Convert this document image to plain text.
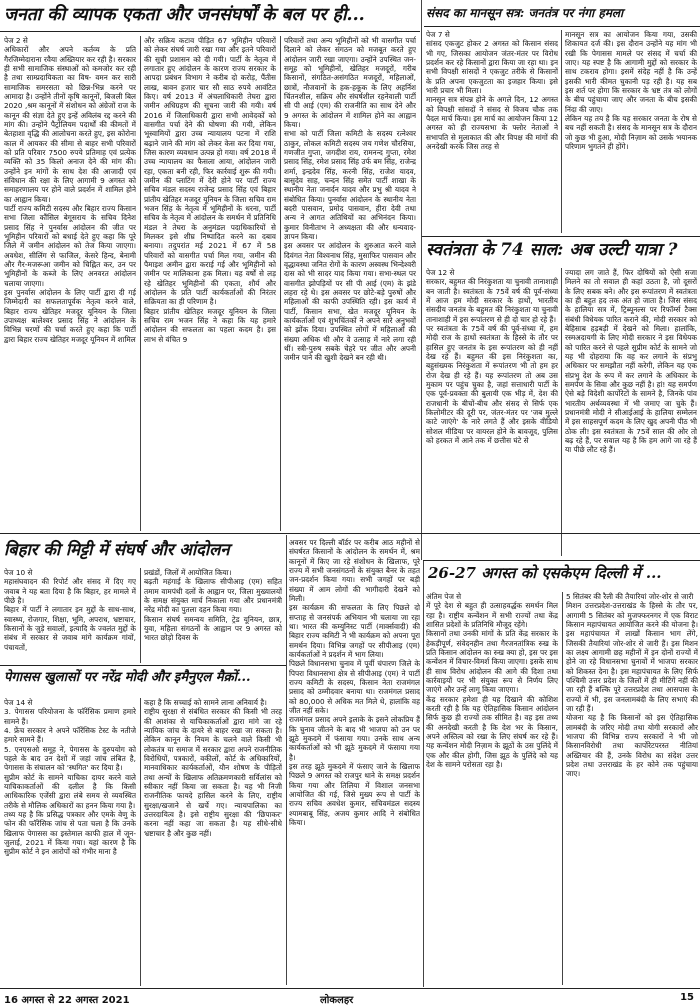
जनता की व्यापक एकता और जनसंघर्षों के बल पर ही...
पेज 2 से
अधिकारों और अपने कर्तव्य के प्रति गैरजिम्मेदाराना रवैया अख्तियार कर रही है। सरकार ही सभी सामाजिक संस्थाओं को कमजोर कर रही है तथा साम्प्रदायिकता का विष- वमन कर सारी सामाजिक समरसता को छिन्न-भिन्न करने पर आमादा है। उन्होंने तीनों कृषि कानूनों, बिजली बिल 2020 ,श्रम कानूनों में संशोधन को अंग्रेजों राज के कानून की संज्ञा देते हुए इन्हें अविलंब रद्द करने की मांग की। उन्होंने पैट्रोलियम पदार्थों की कीमतों में बेतहाशा वृद्धि की आलोचना करते हुए, इस कोरोना काल में आयकर की सीमा से बाहर सभी परिवारों को प्रति परिवार 7500 रुपये प्रतिमाह एवं प्रत्येक व्यक्ति को 35 किलो अनाज देने की मांग की। उन्होंने इन मांगों के साथ देश की आजादी एवं संविधान की रक्षा के लिए आगामी 9 अगस्त को समाहरणालय पर होने वाले प्रदर्शन में शामिल होने का आह्वान किया।
पार्टी राज्य कमिटी सदस्य और बिहार राज्य किसान सभा जिला कौंसिल बेगूसराय के सचिव दिनेश प्रसाद सिंह ने पुनर्वास आंदोलन की जीत पर भूमिहीन परिवारों को बधाई देते हुए कहा कि पूरे जिले में जमीन आंदोलन को तेज किया जाएगा। अवधेश, सीलिंग से फाजिल, केसरे हिन्द, बेनामी और गैर-मजरूआ जमीन को चिह्नित कर, उन पर भूमिहीनों के कब्जे के लिए अनवरत आंदोलन चलाया जाएगा।
इस पुनर्वास आंदोलन के लिए पार्टी द्वारा दी गई जिम्मेदारी का सफलतापूर्वक नेतृत्व करने वाले, बिहार राज्य खेतिहर मजदूर यूनियन के जिला उपाध्यक्ष बालेश्वर प्रसाद सिंह ने आंदोलन के विभिन्न चरणों की चर्चा करते हुए कहा कि पार्टी द्वारा बिहार राज्य खेतिहर मजदूर यूनियन में शामिल
और सक्रिय कटाव पीड़ित 67 भूमिहीन परिवारों को लेकर संघर्ष जारी रखा गया और इतने परिवारों की सूची प्रशासन को दी गयी। पार्टी के नेतृत्व में लगातार हुए आंदोलन के कारण राज्य सरकार के आपदा प्रबंधन विभाग ने करीब दो करोड़, पैंतीस लाख, बावन हजार चार सौ साठ रुपये आवंटित किए। वर्ष 2013 में अंचलाधिकारी तेघरा द्वारा जमीन अधिग्रहण की सूचना जारी की गयी। वर्ष 2016 में जिलाधिकारी द्वारा सभी आवेदकों को वासगीत पर्चा देने की घोषणा की गयी, लेकिन भूस्वामियों द्वारा उच्च न्यायालय पटना में राशि बढ़ाने जाने की मांग को लेकर केस कर दिया गया, जिस कारण व्यवधान उत्पन्न हो गया। वर्ष 2018 में उच्च न्यायालय का फैसला आया, आंदोलन जारी रहा, एकता बनी रही, फिर कार्रवाई शुरू की गयी। जमीन की प्लाटिंग में देरी होने पर पार्टी राज्य सचिव मंडल सदस्य राजेन्द्र प्रसाद सिंह एवं बिहार प्रांतीय खेतिहर मजदूर यूनियन के जिला सचिव राम भजन सिंह के नेतृत्व में भूमिहीनों के धरना, पार्टी सचिव के नेतृत्व में आंदोलन के समर्थन में प्रतिनिधि मंडल ने तेघरा के अनुमंडल पदाधिकारियों से मिलकर इसे शीघ्र निष्पादित करने का दबाव बनाया। तदुपरांत मई 2021 में 67 में 58 परिवारों को वासगीत पर्चा मिल गया, जमीन की पैमाइश अमीन द्वारा कराई गई और भूमिहीनों को जमीन पर मालिकाना हक मिला। यह वर्षों से लड़ रहे खेतिहर भूमिहीनों की एकता, शौर्य और आंदोलन के प्रति पार्टी कार्यकर्ताओं की निरंतर सक्रियता का ही परिणाम है।
बिहार प्रांतीय खेतिहर मजदूर यूनियन के जिला सचिव राम भजन सिंह ने कहा कि यह हमारे आंदोलन की सफलता का पहला कदम है। इस लाभ से वंचित 9
परिवारों तथा अन्य भूमिहीनों को भी वासगीत पर्चा दिलाने को लेकर संगठन को मजबूत करते हुए आंदोलन जारी रखा जाएगा। उन्होंने उपस्थित जन- समूह को भूमिहीनों, खेतिहर मजदूरों, गरीब किसानों, संगठित-असंगठित मजदूरों, महिलाओं, छात्रों, नौजवानों के हक-हकूक के लिए अहर्निश चिंतनशील, सक्रिय और संघर्षशील रहनेवाली पार्टी सी पी आई (एम) की राजनीति का साथ देने और 9 अगस्त के आंदोलन में शामिल होने का आह्वान किया।
सभा को पार्टी जिला कमिटी के सदस्य रत्नेश्वर ठाकुर, लोकल कमिटी सदस्य जय गणेश चौरसिया, गणजीत गुप्ता, जगदीश राय, रामनन्द गुप्ता, रमेश प्रसाद सिंह, रमेश प्रसाद सिंह उर्फ बम सिंह, राजेन्द्र शर्मा, इन्द्रदेव सिंह, करनी सिंह, राजेश यादव, बासुदेव साह, चन्दन सिंह समेत पार्टी शाखा के स्थानीय नेता जनार्दन यादव और प्रभु श्री यादव ने संबोधित किया। पुनर्वास आंदोलन के स्थानीय नेता बदरी पासवान, प्रमोद पासवान, हीरा देवी तथा अन्य ने आगत अतिथियों का अभिनंदन किया। कुमार विनीताभ ने अध्यक्षता की और धन्यवाद- ज्ञापन किया।
इस अवसर पर आंदोलन के शुरुआत करने वाले दिवंगत नेता विश्वनाथ सिंह, मुसाफिर पासवान और वृद्धावस्था जनित रोगों के कारण अस्वस्थ भिन्देश्वरी दास को भी सादर याद किया गया। सभा-स्थल पर वासगीत झोपड़ियों पर सी पी आई (एम) के झंडे लहरा रहे थे। इस अवसर पर छोटे-बड़े पुरुषों और महिलाओं की काफी उपस्थिति रही। इस कार्य में पार्टी, किसान सभा, खेत मजदूर यूनियन के कार्यकर्ताओं एवं शुभचिंतकों ने अपने सारे अनुभवों को झोंक दिया। उपस्थित लोगों में महिलाओं की संख्या अधिक थी और वे उत्साह में नारे लगा रही थीं। स्त्री-पुरुष सबके चेहरे पर जीत और अपनी जमीन पाने की खुशी देखने बन रही थी।
संसद का मानसून सत्र: जनतंत्र पर नंगा हमला
पेज 7 से
सांसद एकजुट होकर 2 अगस्त को किसान संसद भी गए, जिसका आयोजन जंतर-मंतर पर विरोध प्रदर्शन कर रहे किसानों द्वारा किया जा रहा था। इन सभी विपक्षी सांसदों ने एकजुट तरीके से किसानों के प्रति अपना एकजुटता का इजहार किया। इसे भारी प्रचार भी मिला।
मानसून सत्र संपन्न होने के अगले दिन, 12 अगस्त को विपक्षी सांसदों ने संसद से विजय चौक तक पैदल मार्च किया। इस मार्च का आयोजन किया 12 अगस्त को ही राज्यसभा के फ्लोर नेताओं ने सभापति से मुलाकात की और विपक्ष की मांगों की अनदेखी करके जिस तरह से
मानसून सत्र का आयोजन किया गया, उसकी शिकायत दर्ज की। इस दौरान उन्होंने यह मांग भी रखी कि पेगासस मामले पर संसद में चर्चा की जाए। यह स्पष्ट है कि आगामी मुद्दों को सरकार के साथ टकराव होगा। इसमें संदेह नहीं है कि उन्हें इसकी भारी कीमत चुकानी पड़ रही है। यह सब इस शर्त पर होगा कि सरकार के भ्रष्ट तंत्र को लोगों के बीच पहुंचाया जाए और जनता के बीच इसकी निंदा की जाए।
लेकिन यह तय है कि यह सरकार जनता के रोष से बच नहीं सकती है। संसद के मानसून सत्र के दौरान जो कुछ भी हुआ, मोदी निज़ाम को उसके भयानक परिणाम भुगतने ही होंगे।
स्वतंत्रता के 74 साल: अब उल्टी यात्रा ?
पेज 12 से
सरकार, बहुमत की निरंकुशता या चुनावी तानाशाही बन जाती है। स्वतंत्रता के 75वें वर्ष की पूर्व-संध्या में आज हम मोदी सरकार के हाथों, भारतीय संसदीय जनतंत्र के बहुमत की निरंकुशता या चुनावी तानाशाही में इस रूपांतरण से ही दो चार हो रहे हैं।
पर स्वतंत्रता के 75वें वर्ष की पूर्व-संध्या में, हम मोदी राज के हाथों स्वतंत्रता के हिस्से के तौर पर हासिल हुए जनतंत्र के इस रूपांतरण को ही नहीं देख रहे हैं। बहुमत की इस निरंकुशता का, बहुसंख्यक निरंकुशता में रूपांतरण भी तो हम हर रोज देख ही रहे हैं। यह रूपांतरण तो अब उस मुकाम पर पहुंच चुका है, जहां सत्ताधारी पार्टी के एक पूर्व-प्रवक्ता की बुलायी एक भीड़ में, देश की राजधानी के बीचों-बीच और संसद से सिर्फ एक किलोमीटर की दूरी पर, जंतर-मंतर पर 'जब मुल्ले काटे जाएंगे' के नारे लगते हैं और इसके वीडियो सोशल मीडिया पर वायरल होने के बावजूद, पुलिस को हरकत में आने तक में छत्तीस घंटे से
ज्यादा लग जाते हैं, फिर दोषियों को ऐसी सजा मिलने का तो सवाल ही कहां उठता है, जो दूसरों के लिए सबक बने। और इस रूपांतरण में स्वतंत्रता का ही बहुत हद तक अंत हो जाता है। जिस संसद के हालिया सत्र में, ट्रिब्यूनल्स पर रिफॉर्म्स टैक्स संबंधी विधेयक पारित कराने की, मोदी सरकार को बेहिसाब हड़बड़ी में देखने को मिला। हालांकि, रस्मअदायगी के लिए मोदी सरकार ने इस विधेयक को पारित करने से पहले सुप्रीम कोर्ट के सामने जो यह भी दोहराया कि वह कर लगाने के संप्रभु अधिकार पर समझौता नहीं करेगी, लेकिन यह एक संप्रभु देश के रूप में कर लगाने के अधिकार के समर्पण के सिवा और कुछ नहीं है। हां! यह समर्पण ऐसे बड़े विदेशी कार्पोरेटों के सामने है, जिनके पांव भारतीय अर्थव्यवस्था में भी जमाए जा चुके हैं। प्रधानमंत्री मोदी ने सीआईआई के हालिया सम्मेलन में इस साहसपूर्ण कदम के लिए खुद अपनी पीठ भी ठोक ली! इस स्वतंत्रता के 75वें साल की ओर तो बढ़ रहे हैं, पर सवाल यह है कि हम आगे जा रहे हैं या पीछे लौट रहे हैं।
बिहार की मिट्टी में संघर्ष और आंदोलन
पेज 10 से
महासंघवादन की रिपोर्ट और संसद में दिए गए जवाब ने यह बता दिया है कि बिहार, हर मामले में पीछे है।
बिहार में पार्टी ने लगातार इन मुद्दों के साथ-साथ, स्वास्थ्य, रोजगार, शिक्षा, भूमि, अपराध, भ्रष्टाचार, किसानों के जुड़े सवालों, इत्यादि के ज्वलंत मुद्दों के संबंध में सरकार से जवाब मांगे कार्यक्रम गांवों, पंचायतों,
प्रखंडों, जिलों में आयोजित किया।
बढ़ती महंगाई के खिलाफ सीपीआइ (एम) सहित तमाम वामपंथी दलों के आह्वान पर, जिला मुख्यालयों के समक्ष संयुक्त मार्च निकाला गया और प्रधानमंत्री नरेंद्र मोदी का पुतला दहन किया गया।
किसान संघर्ष समन्वय समिति, ट्रेड यूनियन, छात्र, युवा, महिला संगठनों के आह्वान पर 9 अगस्त को भारत छोड़ो दिवस के
अवसर पर दिल्ली बॉर्डर पर करीब आठ महीनों से संघर्षरत किसानों के आंदोलन के समर्थन में, श्रम कानूनों में किए जा रहे संशोधन के खिलाफ, पूरे राज्य में सभी जनसंगठनों के संयुक्त बैनर के तहत जन-प्रदर्शन किया गया। सभी जगहों पर बड़ी संख्या में आम लोगों की भागीदारी देखने को मिली।
इस कार्यक्रम की सफलता के लिए पिछले दो सप्ताह से जनसंपर्क अभियान भी चलाया जा रहा था। भारत की कम्युनिस्ट पार्टी (मार्क्सवादी) की बिहार राज्य कमिटी ने भी कार्यक्रम को अपना पूरा समर्थन दिया। विभिन्न जगहों पर सीपीआइ (एम) कार्यकर्ताओं ने प्रदर्शन में भाग लिया।
पिछले विधानसभा चुनाव में पूर्वी चंपारण जिले के पिपरा विधानसभा क्षेत्र से सीपीआइ (एम) ने पार्टी राज्य कमिटी के सदस्य, किसान नेता राजमंगल प्रसाद को उम्मीदवार बनाया था। राजमंगल प्रसाद को 80,000 से अधिक मत मिले थे, हालांकि वह जीत नहीं सके।
राजमंगल प्रसाद अपने इलाके के इसने लोकप्रिय हैं कि चुनाव जीतने के बाद भी भाजपा को उन पर झूठे मुकदमे में फंसाया गया। उनके साथ अन्य कार्यकर्ताओं को भी झूठे मुकदमे में फंसाया गया है।
इस तरह झूठे मुकदमे में फंसाए जाने के खिलाफ पिछले 9 अगस्त को राजपुर थाने के समक्ष प्रदर्शन किया गया और तिलिया में विशाल जनसभा आयोजित की गई, जिसे मुख्य रूप से पार्टी के राज्य सचिव अवधेश कुमार, सचिवमंडल सदस्य श्यामबाबू सिंह, अजय कुमार आदि ने संबोधित किया।
पेगासस खुलासों पर नरेंद्र मोदी और इमैनुएल मैक्रों...
पेज 14 से
3. पेगासस परियोजना के फॉरेंसिक प्रमाण हमारे सामने हैं।
4. फ्रेंच सरकार ने अपने फॉरेंसिक टेस्ट के नतीजे हमारे सामने हैं।
5. एनएसओ समूह ने, पेगासस के दुरुपयोग को पहले के बाद उन देशों में जहां जांच लंबित है, पेगासस के संचालन को 'स्थगित' कर दिया है।
सुप्रीम कोर्ट के सामने याचिका दायर करने वाले याचिकाकर्ताओं की दलील है कि किसी आधिकारिक एजेंसी द्वारा लंबे समय से व्यवस्थित तरीके से मौलिक अधिकारों का हनन किया गया है।
तथ्य यह है कि प्रसिद्ध पत्रकार और एमके वेणु के फोन की फॉरेंसिक जांच से पता चला है कि उनके खिलाफ पेगासस का इस्तेमाल काफी हाल में जून-जुलाई, 2021 में किया गया। यहां कारण है कि सुप्रीम कोर्ट ने इन आरोपों को गंभीर माना है
कहा है कि सच्चाई को सामने लाना अनिवार्य है।
राष्ट्रीय सुरक्षा से संबंधित सरकार की किसी भी तरह की आशंका से याचिकाकर्ताओं द्वारा मांगे जा रहे न्यायिक जांच के दायरे से बाहर रखा जा सकता है। लेकिन कानून के नियम के चलने वाले किसी भी लोकतंत्र या समाज में सरकार द्वारा अपने राजनीतिक विरोधियों, पत्रकारों, वकीलों, कोर्ट के अधिकारियों, मानवाधिकार कार्यकर्ताओं, यौन शोषण के पीड़ितों तथा अन्यों के खिलाफ अतिक्रमणकारी सर्विलांस को स्वीकार नहीं किया जा सकता है। यह भी निजी राजनीतिक फायदे हासिल करने के लिए, राष्ट्रीय सुरक्षा/खजाने से खर्चे गए। न्यायपालिका का उत्तरदायित्व है। इसे राष्ट्रीय सुरक्षा की 'छिपाकर' करना नहीं कहा जा सकता है। यह सीधे-सीधे भ्रष्टाचार है और कुछ नहीं।
26-27 अगस्त को एसकेएम दिल्ली में ...
अंतिम पेज से
में पूरे देश से बहुत ही उत्साहवर्द्धक समर्थन मिल रहा है। राष्ट्रीय कन्वेंशन में सभी राज्यों तथा केंद्र शासित प्रदेशों के प्रतिनिधि मौजूद रहेंगे।
किसानों तथा उनकी मांगों के प्रति केंद्र सरकार के हेकड़ीपूर्ण, संवेदनहीन तथा गैरजनतांत्रिक रुख के प्रति किसान आंदोलन का रुख क्या हो, इस पर इस कन्वेंशन में विचार-विमर्श किया जाएगा। इसके साथ ही साथ विरोध आंदोलन की आगे की दिशा तथा कार्रवाइयों पर भी संयुक्त रूप से निर्णय लिए जाएंगे और उन्हें लागू किया जाएगा।
केंद्र सरकार हमेशा ही यह दिखाने की कोशिश करती रही है कि यह ऐतिहासिक किसान आंदोलन सिर्फ कुछ ही राज्यों तक सीमित है। वह इस तथ्य की अनदेखी करती है कि देश भर के किसान, अपने अस्तित्व को रखा के लिए संघर्ष कर रहे हैं। यह कन्वेंशन मोदी निज़ाम के झूठों के उस पुलिंदे में एक और कील होगी, जिस झूठ के पुलिंदे को यह देश के सामने परोसता रहा है।
5 सितंबर की रैली की तैयारियां जोर-शोर से जारी
मिशन उत्तरप्रदेश-उत्तराखंड के हिस्से के तौर पर, आगामी 5 सितंबर को मुजफ्फरनगर में एक विराट किसान महापंचायत आयोजित करने की योजना है। इस महापंचायत में लाखों किसान भाग लेंगे, जिसकी तैयारियां जोर-शोर से जारी हैं। इस मिशन का लक्ष्य आगामी छह महीनों में इन दोनों राज्यों में होने जा रहे विधानसभा चुनावों में भाजपा सरकार को शिकस्त देना है। इस महापंचायत के लिए सिर्फ पश्चिमी उत्तर प्रदेश के जिलों में ही मीटिंगें नहीं की जा रही हैं बल्कि पूरे उत्तरप्रदेश तथा आसपास के राज्यों में भी, इस जनलामबंदी के लिए सभाएं की जा रही हैं।
योजना यह है कि किसानों को इस ऐतिहासिक लामबंदी के जरिए मोदी तथा योगी सरकारों और भाजपा की विभिन्न राज्य सरकारों ने भी जो किसानविरोधी तथा कार्पोरेटपरस्त नीतियां अख्तियार की हैं, उनके विरोध का संदेश उत्तर प्रदेश तथा उत्तराखंड के हर कोने तक पहुंचाया जाए।
16 अगस्त से 22 अगस्त 2021	लोकलहर	15
